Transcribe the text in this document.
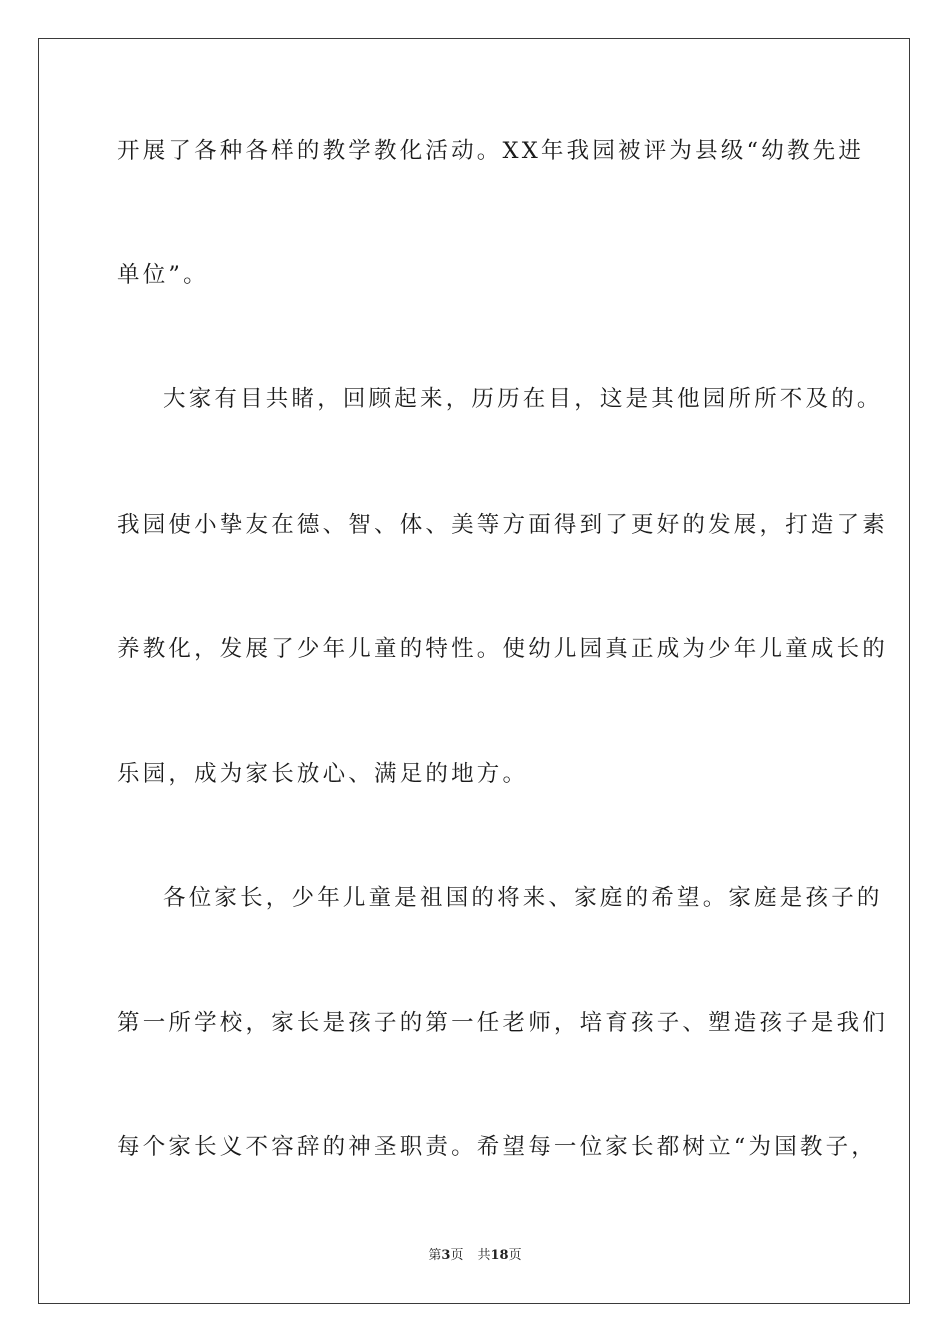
开展了各种各样的教学教化活动。XX年我园被评为县级“幼教先进
单位”。
大家有目共睹，回顾起来，历历在目，这是其他园所所不及的。
我园使小挚友在德、智、体、美等方面得到了更好的发展，打造了素
养教化，发展了少年儿童的特性。使幼儿园真正成为少年儿童成长的
乐园，成为家长放心、满足的地方。
各位家长，少年儿童是祖国的将来、家庭的希望。家庭是孩子的
第一所学校，家长是孩子的第一任老师，培育孩子、塑造孩子是我们
每个家长义不容辞的神圣职责。希望每一位家长都树立“为国教子，
第3页 共18页
